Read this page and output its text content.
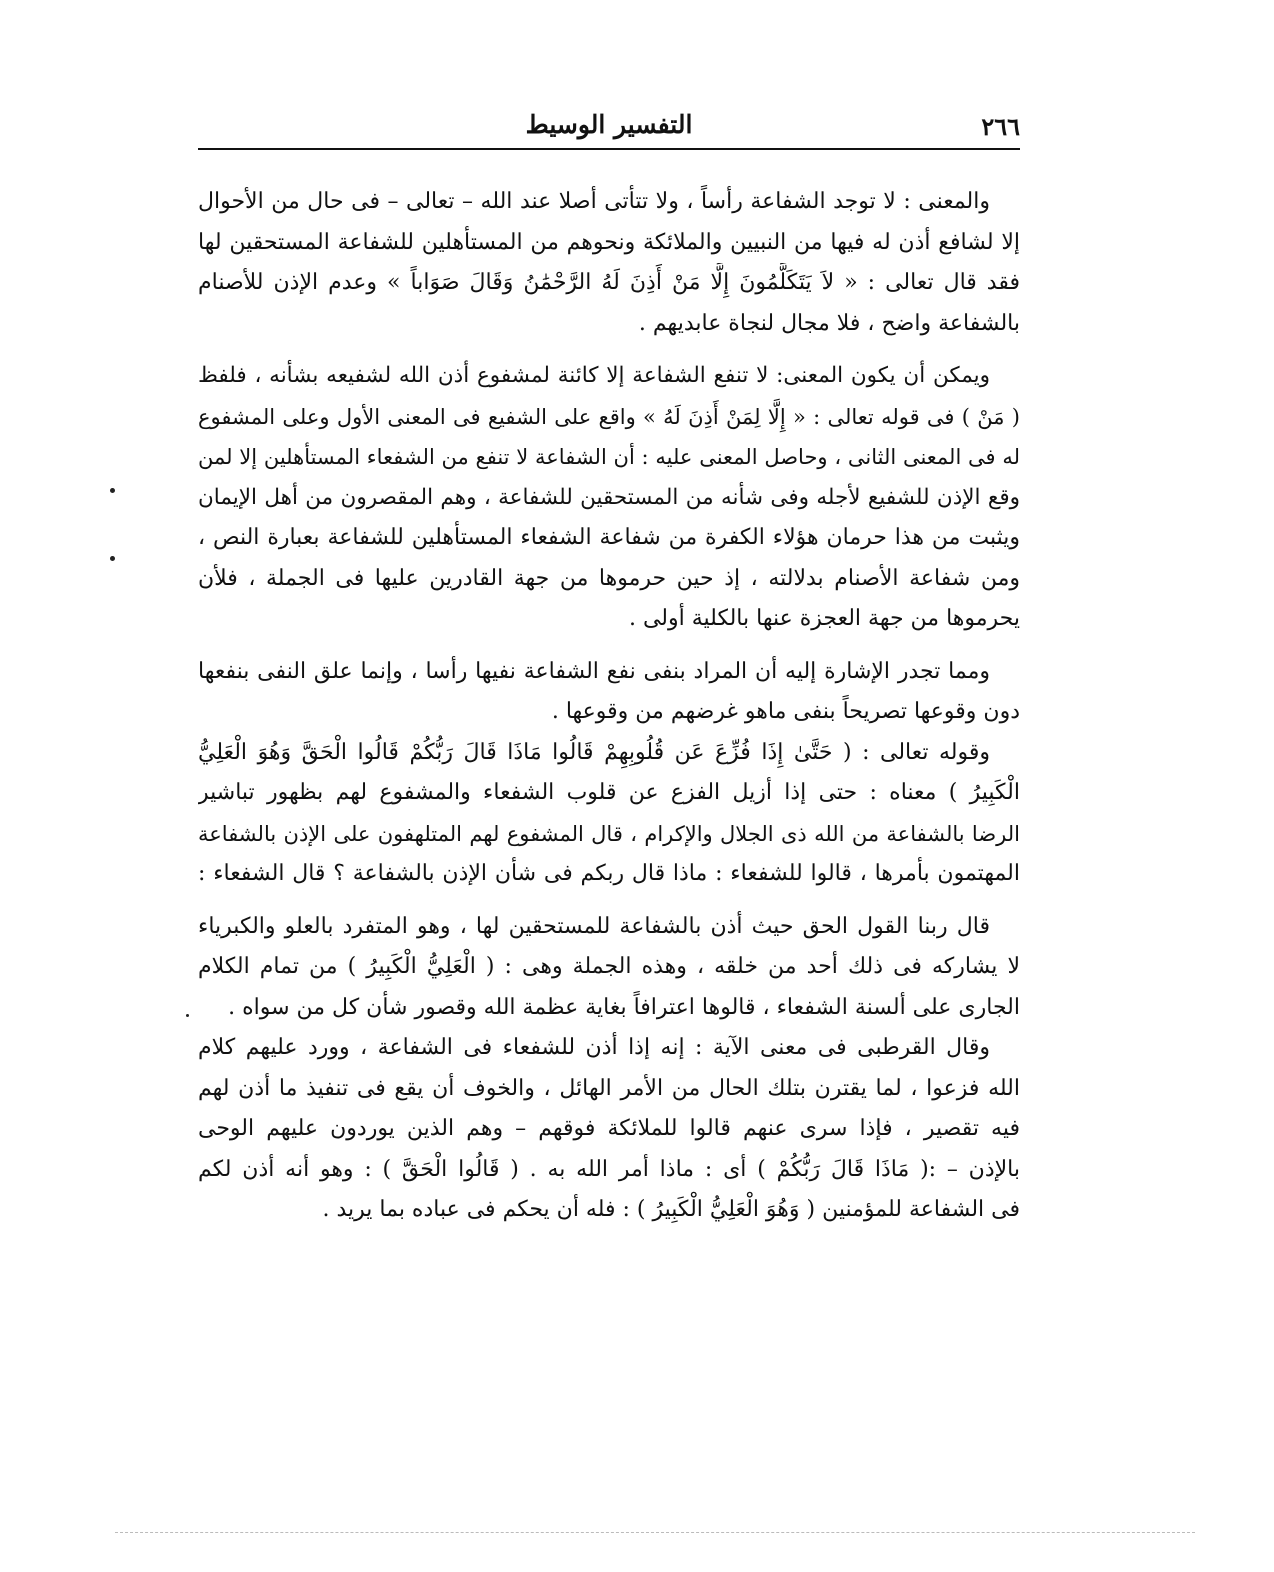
٢٦٦
التفسير الوسيط
والمعنى : لا توجد الشفاعة رأساً ، ولا تتأتى أصلا عند الله – تعالى – فى حال من الأحوال
إلا لشافع أذن له فيها من النبيين والملائكة ونحوهم من المستأهلين للشفاعة المستحقين لها
فقد قال تعالى : « لاَ يَتَكَلَّمُونَ إِلَّا مَنْ أَذِنَ لَهُ الرَّحْمَٰنُ وَقَالَ صَوَاباً » وعدم الإذن للأصنام
بالشفاعة واضح ، فلا مجال لنجاة عابديهم .
ويمكن أن يكون المعنى: لا تنفع الشفاعة إلا كائنة لمشفوع أذن الله لشفيعه بشأنه ، فلفظ
( مَنْ ) فى قوله تعالى : « إِلَّا لِمَنْ أَذِنَ لَهُ » واقع على الشفيع فى المعنى الأول وعلى المشفوع
له فى المعنى الثانى ، وحاصل المعنى عليه : أن الشفاعة لا تنفع من الشفعاء المستأهلين إلا لمن
وقع الإذن للشفيع لأجله وفى شأنه من المستحقين للشفاعة ، وهم المقصرون من أهل الإيمان
ويثبت من هذا حرمان هؤلاء الكفرة من شفاعة الشفعاء المستأهلين للشفاعة بعبارة النص ،
ومن شفاعة الأصنام بدلالته ، إذ حين حرموها من جهة القادرين عليها فى الجملة ، فلأن
يحرموها من جهة العجزة عنها بالكلية أولى .
ومما تجدر الإشارة إليه أن المراد بنفى نفع الشفاعة نفيها رأسا ، وإنما علق النفى بنفعها
دون وقوعها تصريحاً بنفى ماهو غرضهم من وقوعها .
وقوله تعالى : ( حَتَّىٰ إِذَا فُزِّعَ عَن قُلُوبِهِمْ قَالُوا مَاذَا قَالَ رَبُّكُمْ قَالُوا الْحَقَّ وَهُوَ الْعَلِيُّ
الْكَبِيرُ ) معناه : حتى إذا أزيل الفزع عن قلوب الشفعاء والمشفوع لهم بظهور تباشير
الرضا بالشفاعة من الله ذى الجلال والإكرام ، قال المشفوع لهم المتلهفون على الإذن بالشفاعة
المهتمون بأمرها ، قالوا للشفعاء : ماذا قال ربكم فى شأن الإذن بالشفاعة ؟ قال الشفعاء :
قال ربنا القول الحق حيث أذن بالشفاعة للمستحقين لها ، وهو المتفرد بالعلو والكبرياء
لا يشاركه فى ذلك أحد من خلقه ، وهذه الجملة وهى : ( الْعَلِيُّ الْكَبِيرُ ) من تمام الكلام
الجارى على ألسنة الشفعاء ، قالوها اعترافاً بغاية عظمة الله وقصور شأن كل من سواه .
وقال القرطبى فى معنى الآية : إنه إذا أذن للشفعاء فى الشفاعة ، وورد عليهم كلام
الله فزعوا ، لما يقترن بتلك الحال من الأمر الهائل ، والخوف أن يقع فى تنفيذ ما أذن لهم
فيه تقصير ، فإذا سرى عنهم قالوا للملائكة فوقهم – وهم الذين يوردون عليهم الوحى
بالإذن – :( مَاذَا قَالَ رَبُّكُمْ ) أى : ماذا أمر الله به . ( قَالُوا الْحَقَّ ) : وهو أنه أذن لكم
فى الشفاعة للمؤمنين ( وَهُوَ الْعَلِيُّ الْكَبِيرُ ) : فله أن يحكم فى عباده بما يريد .
